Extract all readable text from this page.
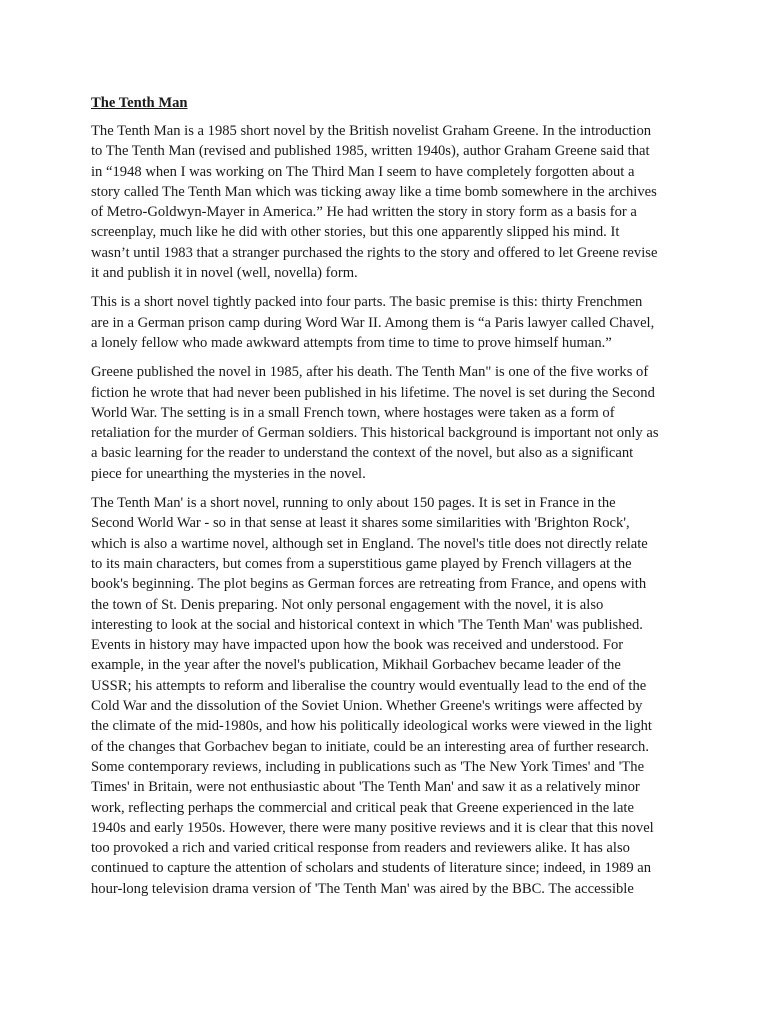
The Tenth Man
The Tenth Man is a 1985 short novel by the British novelist Graham Greene. In the introduction
to The Tenth Man (revised and published 1985, written 1940s), author Graham Greene said that
in “1948 when I was working on The Third Man I seem to have completely forgotten about a
story called The Tenth Man which was ticking away like a time bomb somewhere in the archives
of Metro-Goldwyn-Mayer in America.” He had written the story in story form as a basis for a
screenplay, much like he did with other stories, but this one apparently slipped his mind. It
wasn’t until 1983 that a stranger purchased the rights to the story and offered to let Greene revise
it and publish it in novel (well, novella) form.
This is a short novel tightly packed into four parts. The basic premise is this: thirty Frenchmen
are in a German prison camp during Word War II. Among them is “a Paris lawyer called Chavel,
a lonely fellow who made awkward attempts from time to time to prove himself human.”
Greene published the novel in 1985, after his death. The Tenth Man" is one of the five works of
fiction he wrote that had never been published in his lifetime. The novel is set during the Second
World War. The setting is in a small French town, where hostages were taken as a form of
retaliation for the murder of German soldiers. This historical background is important not only as
a basic learning for the reader to understand the context of the novel, but also as a significant
piece for unearthing the mysteries in the novel.
The Tenth Man' is a short novel, running to only about 150 pages. It is set in France in the
Second World War - so in that sense at least it shares some similarities with 'Brighton Rock',
which is also a wartime novel, although set in England. The novel's title does not directly relate
to its main characters, but comes from a superstitious game played by French villagers at the
book's beginning. The plot begins as German forces are retreating from France, and opens with
the town of St. Denis preparing. Not only personal engagement with the novel, it is also
interesting to look at the social and historical context in which 'The Tenth Man' was published.
Events in history may have impacted upon how the book was received and understood. For
example, in the year after the novel's publication, Mikhail Gorbachev became leader of the
USSR; his attempts to reform and liberalise the country would eventually lead to the end of the
Cold War and the dissolution of the Soviet Union. Whether Greene's writings were affected by
the climate of the mid-1980s, and how his politically ideological works were viewed in the light
of the changes that Gorbachev began to initiate, could be an interesting area of further research.
Some contemporary reviews, including in publications such as 'The New York Times' and 'The
Times' in Britain, were not enthusiastic about 'The Tenth Man' and saw it as a relatively minor
work, reflecting perhaps the commercial and critical peak that Greene experienced in the late
1940s and early 1950s. However, there were many positive reviews and it is clear that this novel
too provoked a rich and varied critical response from readers and reviewers alike. It has also
continued to capture the attention of scholars and students of literature since; indeed, in 1989 an
hour-long television drama version of 'The Tenth Man' was aired by the BBC. The accessible
